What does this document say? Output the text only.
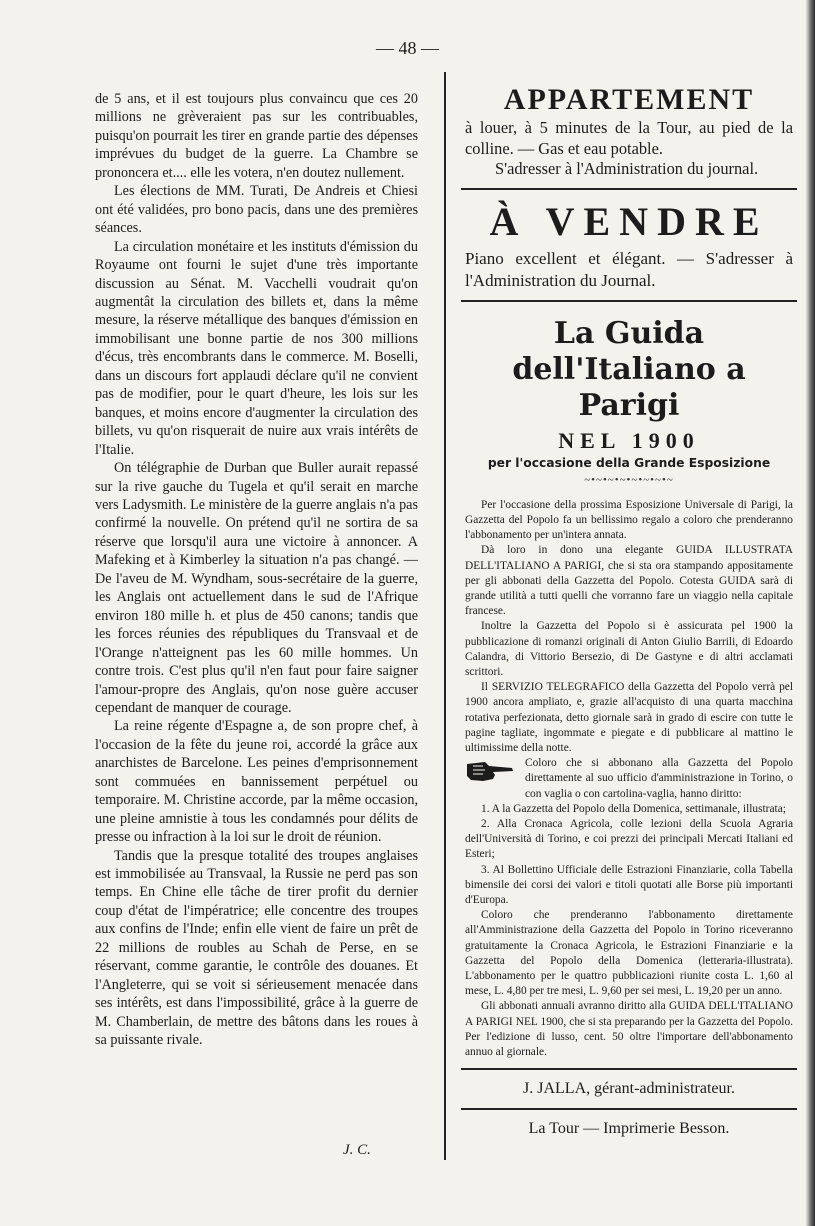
— 48 —

de 5 ans, et il est toujours plus convaincu que ces 20 millions ne grèveraient pas sur les contribuables, puisqu'on pourrait les tirer en grande partie des dépenses imprévues du budget de la guerre. La Chambre se prononcera et.... elle les votera, n'en doutez nullement.

Les élections de MM. Turati, De Andreis et Chiesi ont été validées, pro bono pacis, dans une des premières séances.

La circulation monétaire et les instituts d'émission du Royaume ont fourni le sujet d'une très importante discussion au Sénat. M. Vacchelli voudrait qu'on augmentât la circulation des billets et, dans la même mesure, la réserve métallique des banques d'émission en immobilisant une bonne partie de nos 300 millions d'écus, très encombrants dans le commerce. M. Boselli, dans un discours fort applaudi déclare qu'il ne convient pas de modifier, pour le quart d'heure, les lois sur les banques, et moins encore d'augmenter la circulation des billets, vu qu'on risquerait de nuire aux vrais intérêts de l'Italie.

On télégraphie de Durban que Buller aurait repassé sur la rive gauche du Tugela et qu'il serait en marche vers Ladysmith. Le ministère de la guerre anglais n'a pas confirmé la nouvelle. On prétend qu'il ne sortira de sa réserve que lorsqu'il aura une victoire à annoncer. A Mafeking et à Kimberley la situation n'a pas changé. — De l'aveu de M. Wyndham, sous-secrétaire de la guerre, les Anglais ont actuellement dans le sud de l'Afrique environ 180 mille h. et plus de 450 canons; tandis que les forces réunies des républiques du Transvaal et de l'Orange n'atteignent pas les 60 mille hommes. Un contre trois. C'est plus qu'il n'en faut pour faire saigner l'amour-propre des Anglais, qu'on nose guère accuser cependant de manquer de courage.

La reine régente d'Espagne a, de son propre chef, à l'occasion de la fête du jeune roi, accordé la grâce aux anarchistes de Barcelone. Les peines d'emprisonnement sont commuées en bannissement perpétuel ou temporaire. M. Christine accorde, par la même occasion, une pleine amnistie à tous les condamnés pour délits de presse ou infraction à la loi sur le droit de réunion.

Tandis que la presque totalité des troupes anglaises est immobilisée au Transvaal, la Russie ne perd pas son temps. En Chine elle tâche de tirer profit du dernier coup d'état de l'impératrice; elle concentre des troupes aux confins de l'Inde; enfin elle vient de faire un prêt de 22 millions de roubles au Schah de Perse, en se réservant, comme garantie, le contrôle des douanes. Et l'Angleterre, qui se voit si sérieusement menacée dans ses intérêts, est dans l'impossibilité, grâce à la guerre de M. Chamberlain, de mettre des bâtons dans les roues à sa puissante rivale.

J. C.
APPARTEMENT

à louer, à 5 minutes de la Tour, au pied de la colline. — Gas et eau potable.

S'adresser à l'Administration du journal.

À VENDRE

Piano excellent et élégant. — S'adresser à l'Administration du Journal.

La Guida dell'Italiano a Parigi
NEL 1900
per l'occasione della Grande Esposizione
~•~•~•~•~•~•~•~

Per l'occasione della prossima Esposizione Universale di Parigi, la Gazzetta del Popolo fa un bellissimo regalo a coloro che prenderanno l'abbonamento per un'intera annata.

Dà loro in dono una elegante GUIDA ILLUSTRATA DELL'ITALIANO A PARIGI, che si sta ora stampando appositamente per gli abbonati della Gazzetta del Popolo. Cotesta GUIDA sarà di grande utilità a tutti quelli che vorranno fare un viaggio nella capitale francese.

Inoltre la Gazzetta del Popolo si è assicurata pel 1900 la pubblicazione di romanzi originali di Anton Giulio Barrili, di Edoardo Calandra, di Vittorio Bersezio, di De Gastyne e di altri acclamati scrittori.

Il SERVIZIO TELEGRAFICO della Gazzetta del Popolo verrà pel 1900 ancora ampliato, e, grazie all'acquisto di una quarta macchina rotativa perfezionata, detto giornale sarà in grado di escire con tutte le pagine tagliate, ingommate e piegate e di pubblicare al mattino le ultimissime della notte.

Coloro che si abbonano alla Gazzetta del Popolo direttamente al suo ufficio d'amministrazione in Torino, o con vaglia o con cartolina-vaglia, hanno diritto:

1. A la Gazzetta del Popolo della Domenica, settimanale, illustrata;

2. Alla Cronaca Agricola, colle lezioni della Scuola Agraria dell'Università di Torino, e coi prezzi dei principali Mercati Italiani ed Esteri;

3. Al Bollettino Ufficiale delle Estrazioni Finanziarie, colla Tabella bimensile dei corsi dei valori e titoli quotati alle Borse più importanti d'Europa.

Coloro che prenderanno l'abbonamento direttamente all'Amministrazione della Gazzetta del Popolo in Torino riceveranno gratuitamente la Cronaca Agricola, le Estrazioni Finanziarie e la Gazzetta del Popolo della Domenica (letteraria-illustrata). L'abbonamento per le quattro pubblicazioni riunite costa L. 1,60 al mese, L. 4,80 per tre mesi, L. 9,60 per sei mesi, L. 19,20 per un anno.

Gli abbonati annuali avranno diritto alla GUIDA DELL'ITALIANO A PARIGI NEL 1900, che si sta preparando per la Gazzetta del Popolo. Per l'edizione di lusso, cent. 50 oltre l'importare dell'abbonamento annuo al giornale.

J. JALLA, gérant-administrateur.

La Tour — Imprimerie Besson.
